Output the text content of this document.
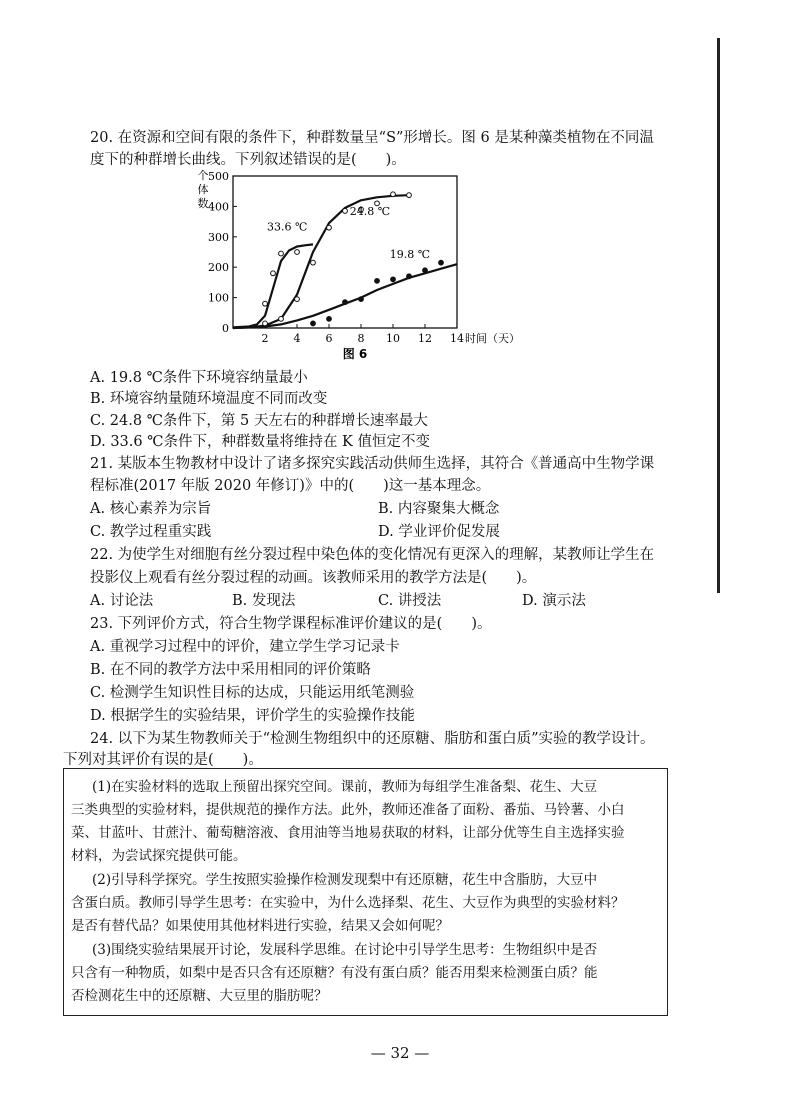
20. 在资源和空间有限的条件下，种群数量呈“S”形增长。图 6 是某种藻类植物在不同温
度下的种群增长曲线。下列叙述错误的是(　　)。
0
100
200
300
400
500
2 4 6 8 10 12 14
个
体
数
时间（天）
图 6
33.6 ℃
24.8 ℃
19.8 ℃
A. 19.8 ℃条件下环境容纳量最小
B. 环境容纳量随环境温度不同而改变
C. 24.8 ℃条件下，第 5 天左右的种群增长速率最大
D. 33.6 ℃条件下，种群数量将维持在 K 值恒定不变
21. 某版本生物教材中设计了诸多探究实践活动供师生选择，其符合《普通高中生物学课
程标准(2017 年版 2020 年修订)》中的(　　)这一基本理念。
A. 核心素养为宗旨	B. 内容聚集大概念
C. 教学过程重实践	D. 学业评价促发展
22. 为使学生对细胞有丝分裂过程中染色体的变化情况有更深入的理解，某教师让学生在
投影仪上观看有丝分裂过程的动画。该教师采用的教学方法是(　　)。
A. 讨论法	B. 发现法	C. 讲授法	D. 演示法
23. 下列评价方式，符合生物学课程标准评价建议的是(　　)。
A. 重视学习过程中的评价，建立学生学习记录卡
B. 在不同的教学方法中采用相同的评价策略
C. 检测学生知识性目标的达成，只能运用纸笔测验
D. 根据学生的实验结果，评价学生的实验操作技能
24. 以下为某生物教师关于“检测生物组织中的还原糖、脂肪和蛋白质”实验的教学设计。
下列对其评价有误的是(　　)。
(1)在实验材料的选取上预留出探究空间。课前，教师为每组学生准备梨、花生、大豆
三类典型的实验材料，提供规范的操作方法。此外，教师还准备了面粉、番茄、马铃薯、小白
菜、甘蓝叶、甘蔗汁、葡萄糖溶液、食用油等当地易获取的材料，让部分优等生自主选择实验
材料，为尝试探究提供可能。
(2)引导科学探究。学生按照实验操作检测发现梨中有还原糖，花生中含脂肪，大豆中
含蛋白质。教师引导学生思考：在实验中，为什么选择梨、花生、大豆作为典型的实验材料？
是否有替代品？如果使用其他材料进行实验，结果又会如何呢？
(3)围绕实验结果展开讨论，发展科学思维。在讨论中引导学生思考：生物组织中是否
只含有一种物质，如梨中是否只含有还原糖？有没有蛋白质？能否用梨来检测蛋白质？能
否检测花生中的还原糖、大豆里的脂肪呢？
— 32 —
